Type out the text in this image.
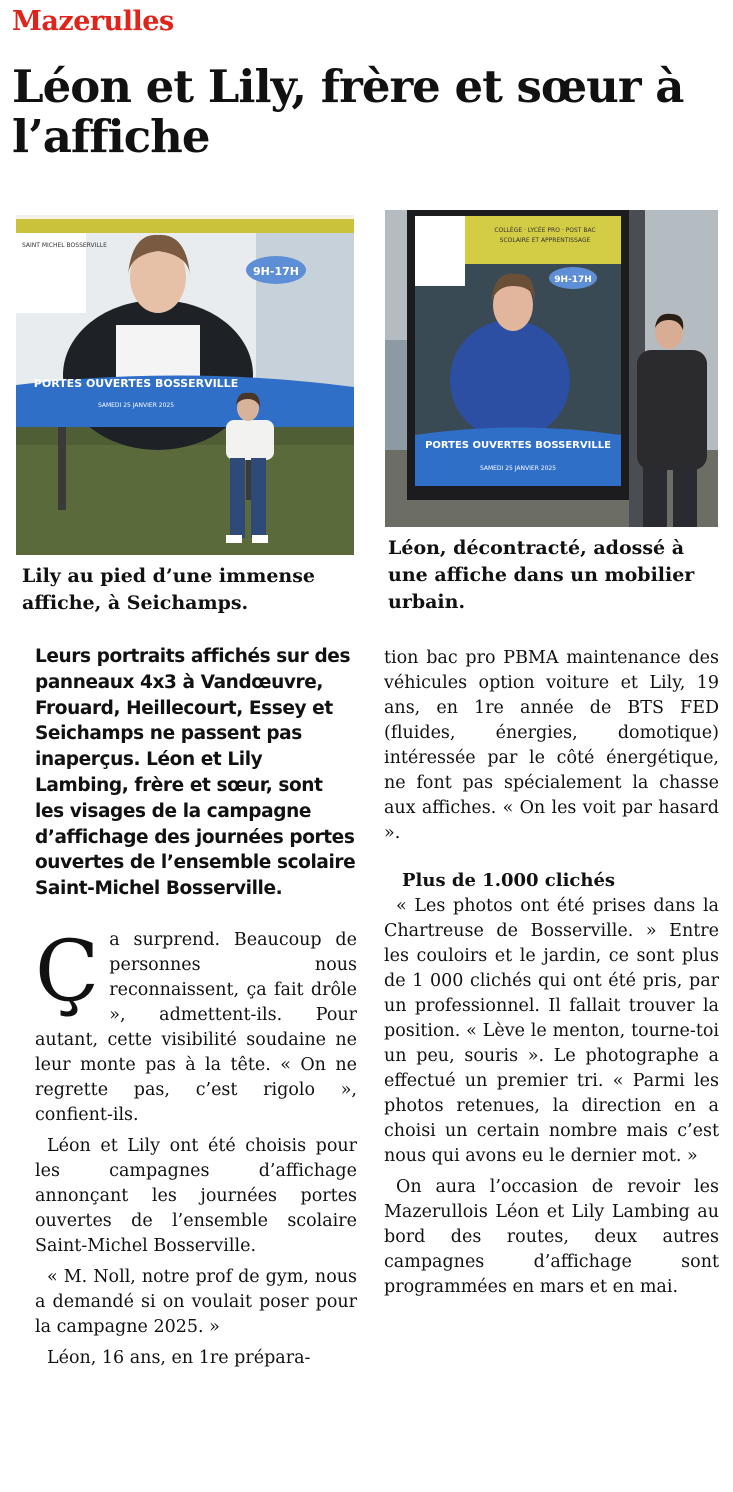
Mazerulles
Léon et Lily, frère et sœur à l’affiche
9H-17H
SAINT MICHEL BOSSERVILLE
PORTES OUVERTES BOSSERVILLE
SAMEDI 25 JANVIER 2025
Lily au pied d’une immense affiche, à Seichamps.
COLLÈGE · LYCÉE PRO · POST BAC
SCOLAIRE ET APPRENTISSAGE
9H-17H
PORTES OUVERTES BOSSERVILLE
SAMEDI 25 JANVIER 2025
Léon, décontracté, adossé à une affiche dans un mobilier urbain.

Leurs portraits affichés sur des panneaux 4x3 à Vandœuvre, Frouard, Heillecourt, Essey et Seichamps ne passent pas inaperçus. Léon et Lily Lambing, frère et sœur, sont les visages de la campagne d’affichage des journées portes ouvertes de l’ensemble scolaire Saint-Michel Bosserville.

Ça surprend. Beaucoup de personnes nous reconnaissent, ça fait drôle », admettent-ils. Pour autant, cette visibilité soudaine ne leur monte pas à la tête. « On ne regrette pas, c’est rigolo », confient-ils.

Léon et Lily ont été choisis pour les campagnes d’affichage annonçant les journées portes ouvertes de l’ensemble scolaire Saint-Michel Bosserville.

« M. Noll, notre prof de gym, nous a demandé si on voulait poser pour la campagne 2025. »

Léon, 16 ans, en 1re prépara-

tion bac pro PBMA maintenance des véhicules option voiture et Lily, 19 ans, en 1re année de BTS FED (fluides, énergies, domotique) intéressée par le côté énergétique, ne font pas spécialement la chasse aux affiches. « On les voit par hasard ».

Plus de 1.000 clichés

« Les photos ont été prises dans la Chartreuse de Bosserville. » Entre les couloirs et le jardin, ce sont plus de 1 000 clichés qui ont été pris, par un professionnel. Il fallait trouver la position. « Lève le menton, tourne-toi un peu, souris ». Le photographe a effectué un premier tri. « Parmi les photos retenues, la direction en a choisi un certain nombre mais c’est nous qui avons eu le dernier mot. »

On aura l’occasion de revoir les Mazerullois Léon et Lily Lambing au bord des routes, deux autres campagnes d’affichage sont programmées en mars et en mai.
